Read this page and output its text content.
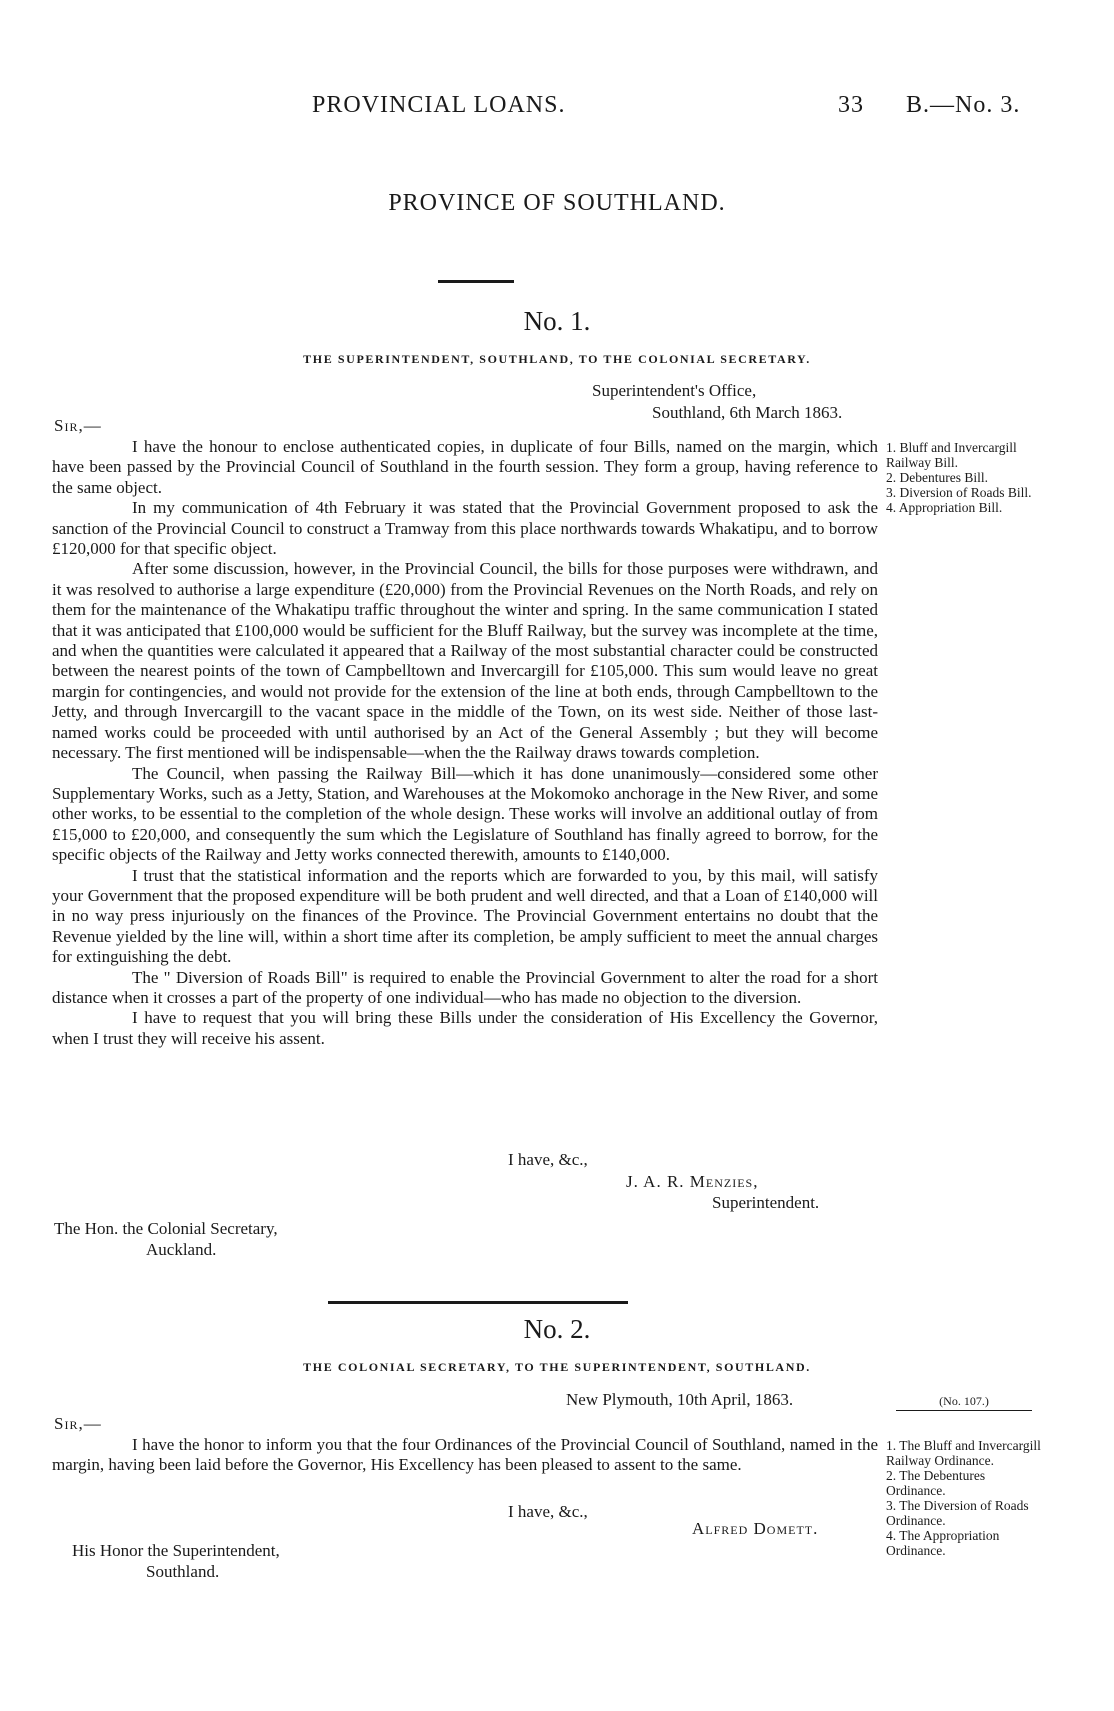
PROVINCIAL LOANS.	33 B.—No. 3.
PROVINCE OF SOUTHLAND.
No. 1.
THE SUPERINTENDENT, SOUTHLAND, TO THE COLONIAL SECRETARY.
Superintendent's Office,
Southland, 6th March 1863.
Sir,—

I have the honour to enclose authenticated copies, in duplicate of four Bills, named on the margin, which have been passed by the Provincial Council of Southland in the fourth session. They form a group, having reference to the same object.

In my communication of 4th February it was stated that the Provincial Government proposed to ask the sanction of the Provincial Council to construct a Tramway from this place northwards towards Whakatipu, and to borrow £120,000 for that specific object.

After some discussion, however, in the Provincial Council, the bills for those purposes were withdrawn, and it was resolved to authorise a large expenditure (£20,000) from the Provincial Revenues on the North Roads, and rely on them for the maintenance of the Whakatipu traffic throughout the winter and spring. In the same communication I stated that it was anticipated that £100,000 would be sufficient for the Bluff Railway, but the survey was incomplete at the time, and when the quantities were calculated it appeared that a Railway of the most substantial character could be constructed between the nearest points of the town of Campbelltown and Invercargill for £105,000. This sum would leave no great margin for contingencies, and would not provide for the extension of the line at both ends, through Campbelltown to the Jetty, and through Invercargill to the vacant space in the middle of the Town, on its west side. Neither of those last-named works could be proceeded with until authorised by an Act of the General Assembly ; but they will become necessary. The first mentioned will be indispensable—when the the Railway draws towards completion.

The Council, when passing the Railway Bill—which it has done unanimously—considered some other Supplementary Works, such as a Jetty, Station, and Warehouses at the Mokomoko anchorage in the New River, and some other works, to be essential to the completion of the whole design. These works will involve an additional outlay of from £15,000 to £20,000, and consequently the sum which the Legislature of Southland has finally agreed to borrow, for the specific objects of the Railway and Jetty works connected therewith, amounts to £140,000.

I trust that the statistical information and the reports which are forwarded to you, by this mail, will satisfy your Government that the proposed expenditure will be both prudent and well directed, and that a Loan of £140,000 will in no way press injuriously on the finances of the Province. The Provincial Government entertains no doubt that the Revenue yielded by the line will, within a short time after its completion, be amply sufficient to meet the annual charges for extinguishing the debt.

The " Diversion of Roads Bill" is required to enable the Provincial Government to alter the road for a short distance when it crosses a part of the property of one individual—who has made no objection to the diversion.

I have to request that you will bring these Bills under the consideration of His Excellency the Governor, when I trust they will receive his assent.

1. Bluff and Invercargill Railway Bill.
2. Debentures Bill.
3. Diversion of Roads Bill.
4. Appropriation Bill.
I have, &c.,
J. A. R. Menzies,
Superintendent.
The Hon. the Colonial Secretary,
Auckland.
No. 2.
THE COLONIAL SECRETARY, TO THE SUPERINTENDENT, SOUTHLAND.
New Plymouth, 10th April, 1863.	(No. 107.)
Sir,—

I have the honor to inform you that the four Ordinances of the Provincial Council of Southland, named in the margin, having been laid before the Governor, His Excellency has been pleased to assent to the same.

1. The Bluff and Invercargill Railway Ordinance.
2. The Debentures Ordinance.
3. The Diversion of Roads Ordinance.
4. The Appropriation Ordinance.
I have, &c.,
Alfred Domett.
His Honor the Superintendent,
Southland.
